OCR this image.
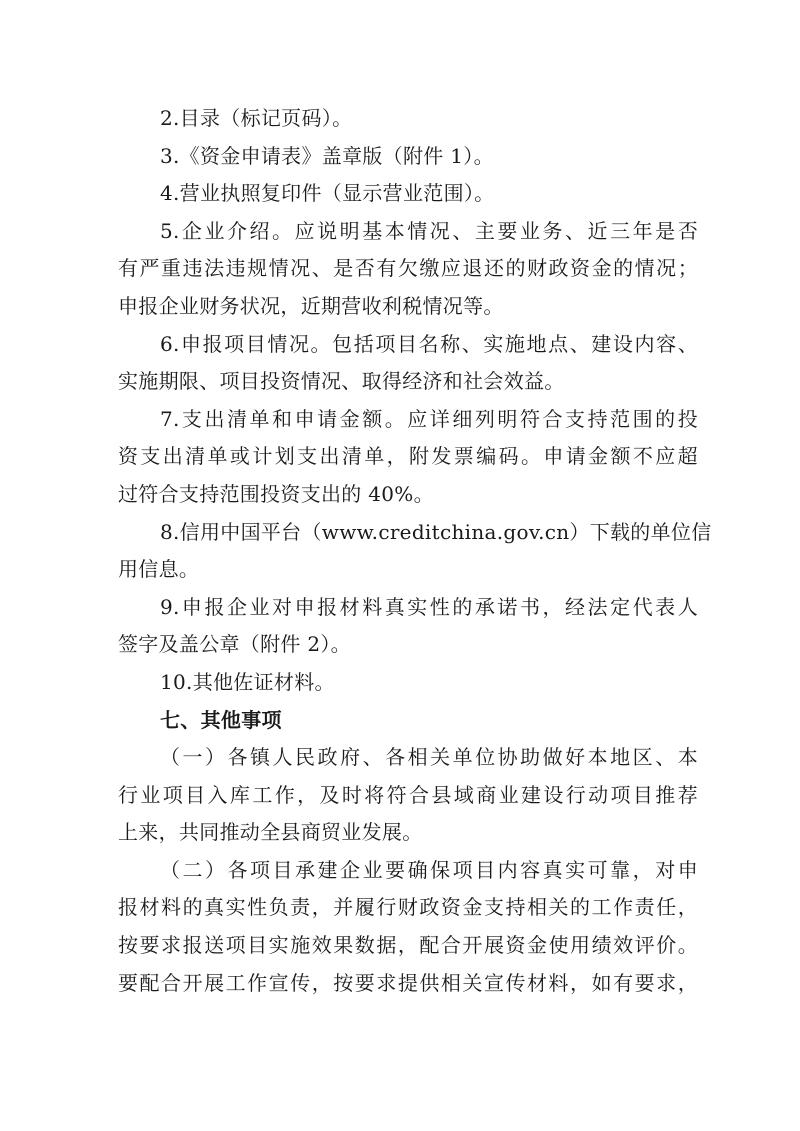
2.目录（标记页码）。
3.《资金申请表》盖章版（附件 1）。
4.营业执照复印件（显示营业范围）。
5.企业介绍。应说明基本情况、主要业务、近三年是否
有严重违法违规情况、是否有欠缴应退还的财政资金的情况；
申报企业财务状况，近期营收利税情况等。
6.申报项目情况。包括项目名称、实施地点、建设内容、
实施期限、项目投资情况、取得经济和社会效益。
7.支出清单和申请金额。应详细列明符合支持范围的投
资支出清单或计划支出清单，附发票编码。申请金额不应超
过符合支持范围投资支出的 40%。
8.信用中国平台（www.creditchina.gov.cn）下载的单位信
用信息。
9.申报企业对申报材料真实性的承诺书，经法定代表人
签字及盖公章（附件 2）。
10.其他佐证材料。
七、其他事项
（一）各镇人民政府、各相关单位协助做好本地区、本
行业项目入库工作，及时将符合县域商业建设行动项目推荐
上来，共同推动全县商贸业发展。
（二）各项目承建企业要确保项目内容真实可靠，对申
报材料的真实性负责，并履行财政资金支持相关的工作责任，
按要求报送项目实施效果数据，配合开展资金使用绩效评价。
要配合开展工作宣传，按要求提供相关宣传材料，如有要求，
